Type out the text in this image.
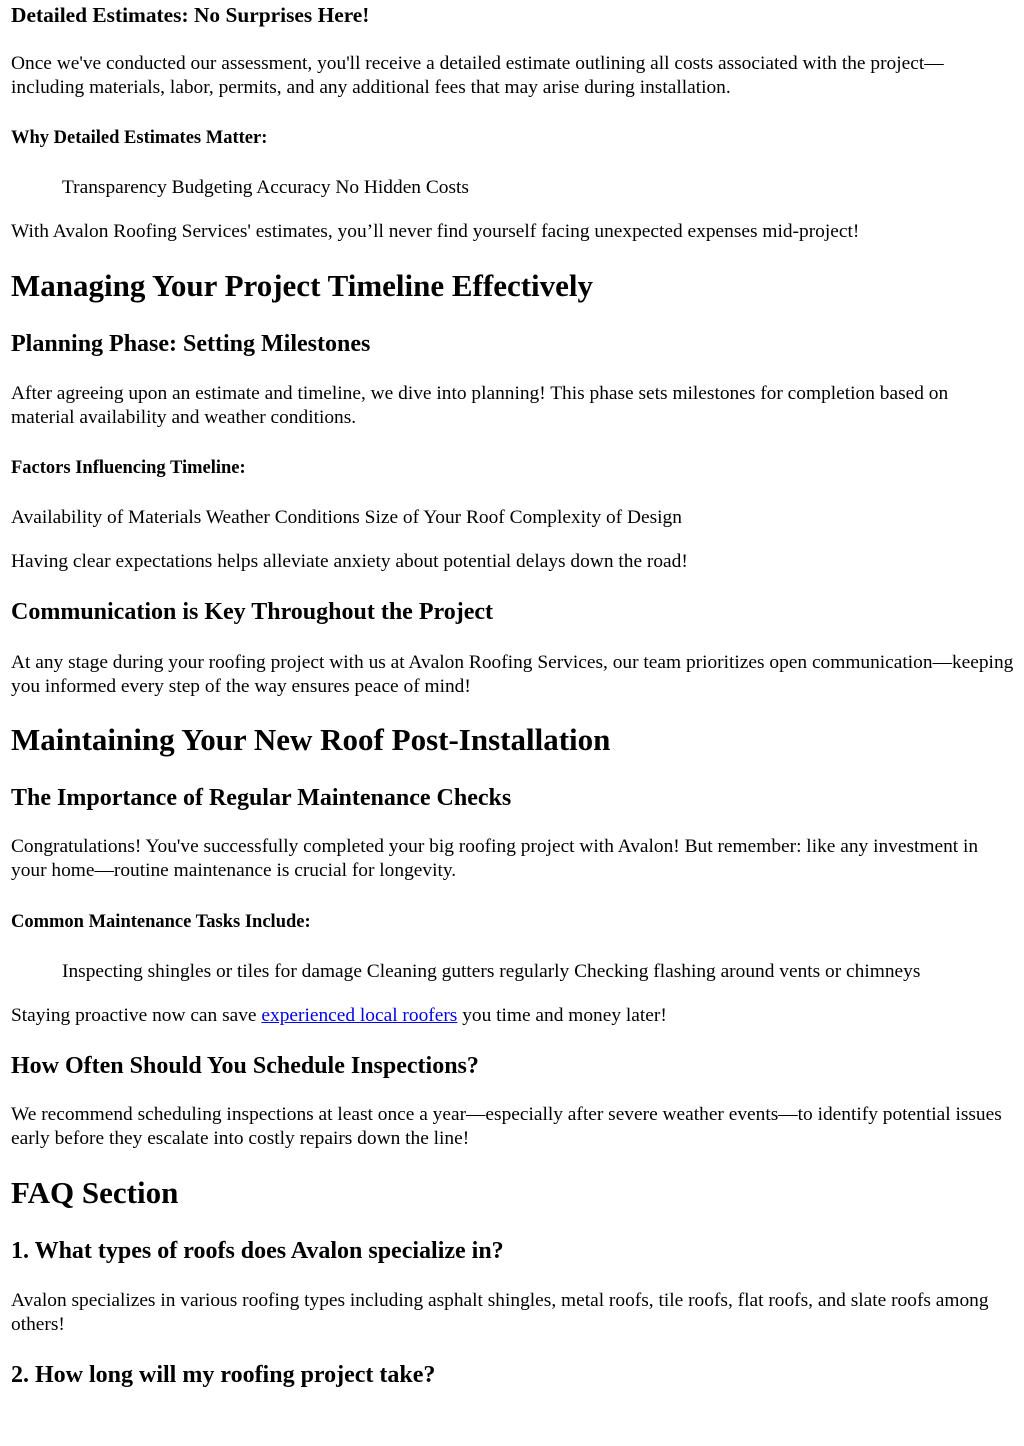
Detailed Estimates: No Surprises Here!

Once we've conducted our assessment, you'll receive a detailed estimate outlining all costs associated with the project—including materials, labor, permits, and any additional fees that may arise during installation.

Why Detailed Estimates Matter:

Transparency Budgeting Accuracy No Hidden Costs

With Avalon Roofing Services' estimates, you’ll never find yourself facing unexpected expenses mid-project!

Managing Your Project Timeline Effectively
Planning Phase: Setting Milestones

After agreeing upon an estimate and timeline, we dive into planning! This phase sets milestones for completion based on material availability and weather conditions.

Factors Influencing Timeline:

Availability of Materials Weather Conditions Size of Your Roof Complexity of Design

Having clear expectations helps alleviate anxiety about potential delays down the road!

Communication is Key Throughout the Project

At any stage during your roofing project with us at Avalon Roofing Services, our team prioritizes open communication—keeping you informed every step of the way ensures peace of mind!

Maintaining Your New Roof Post-Installation
The Importance of Regular Maintenance Checks

Congratulations! You've successfully completed your big roofing project with Avalon! But remember: like any investment in your home—routine maintenance is crucial for longevity.

Common Maintenance Tasks Include:

Inspecting shingles or tiles for damage Cleaning gutters regularly Checking flashing around vents or chimneys

Staying proactive now can save experienced local roofers you time and money later!

How Often Should You Schedule Inspections?

We recommend scheduling inspections at least once a year—especially after severe weather events—to identify potential issues early before they escalate into costly repairs down the line!

FAQ Section
1. What types of roofs does Avalon specialize in?

Avalon specializes in various roofing types including asphalt shingles, metal roofs, tile roofs, flat roofs, and slate roofs among others!

2. How long will my roofing project take?
